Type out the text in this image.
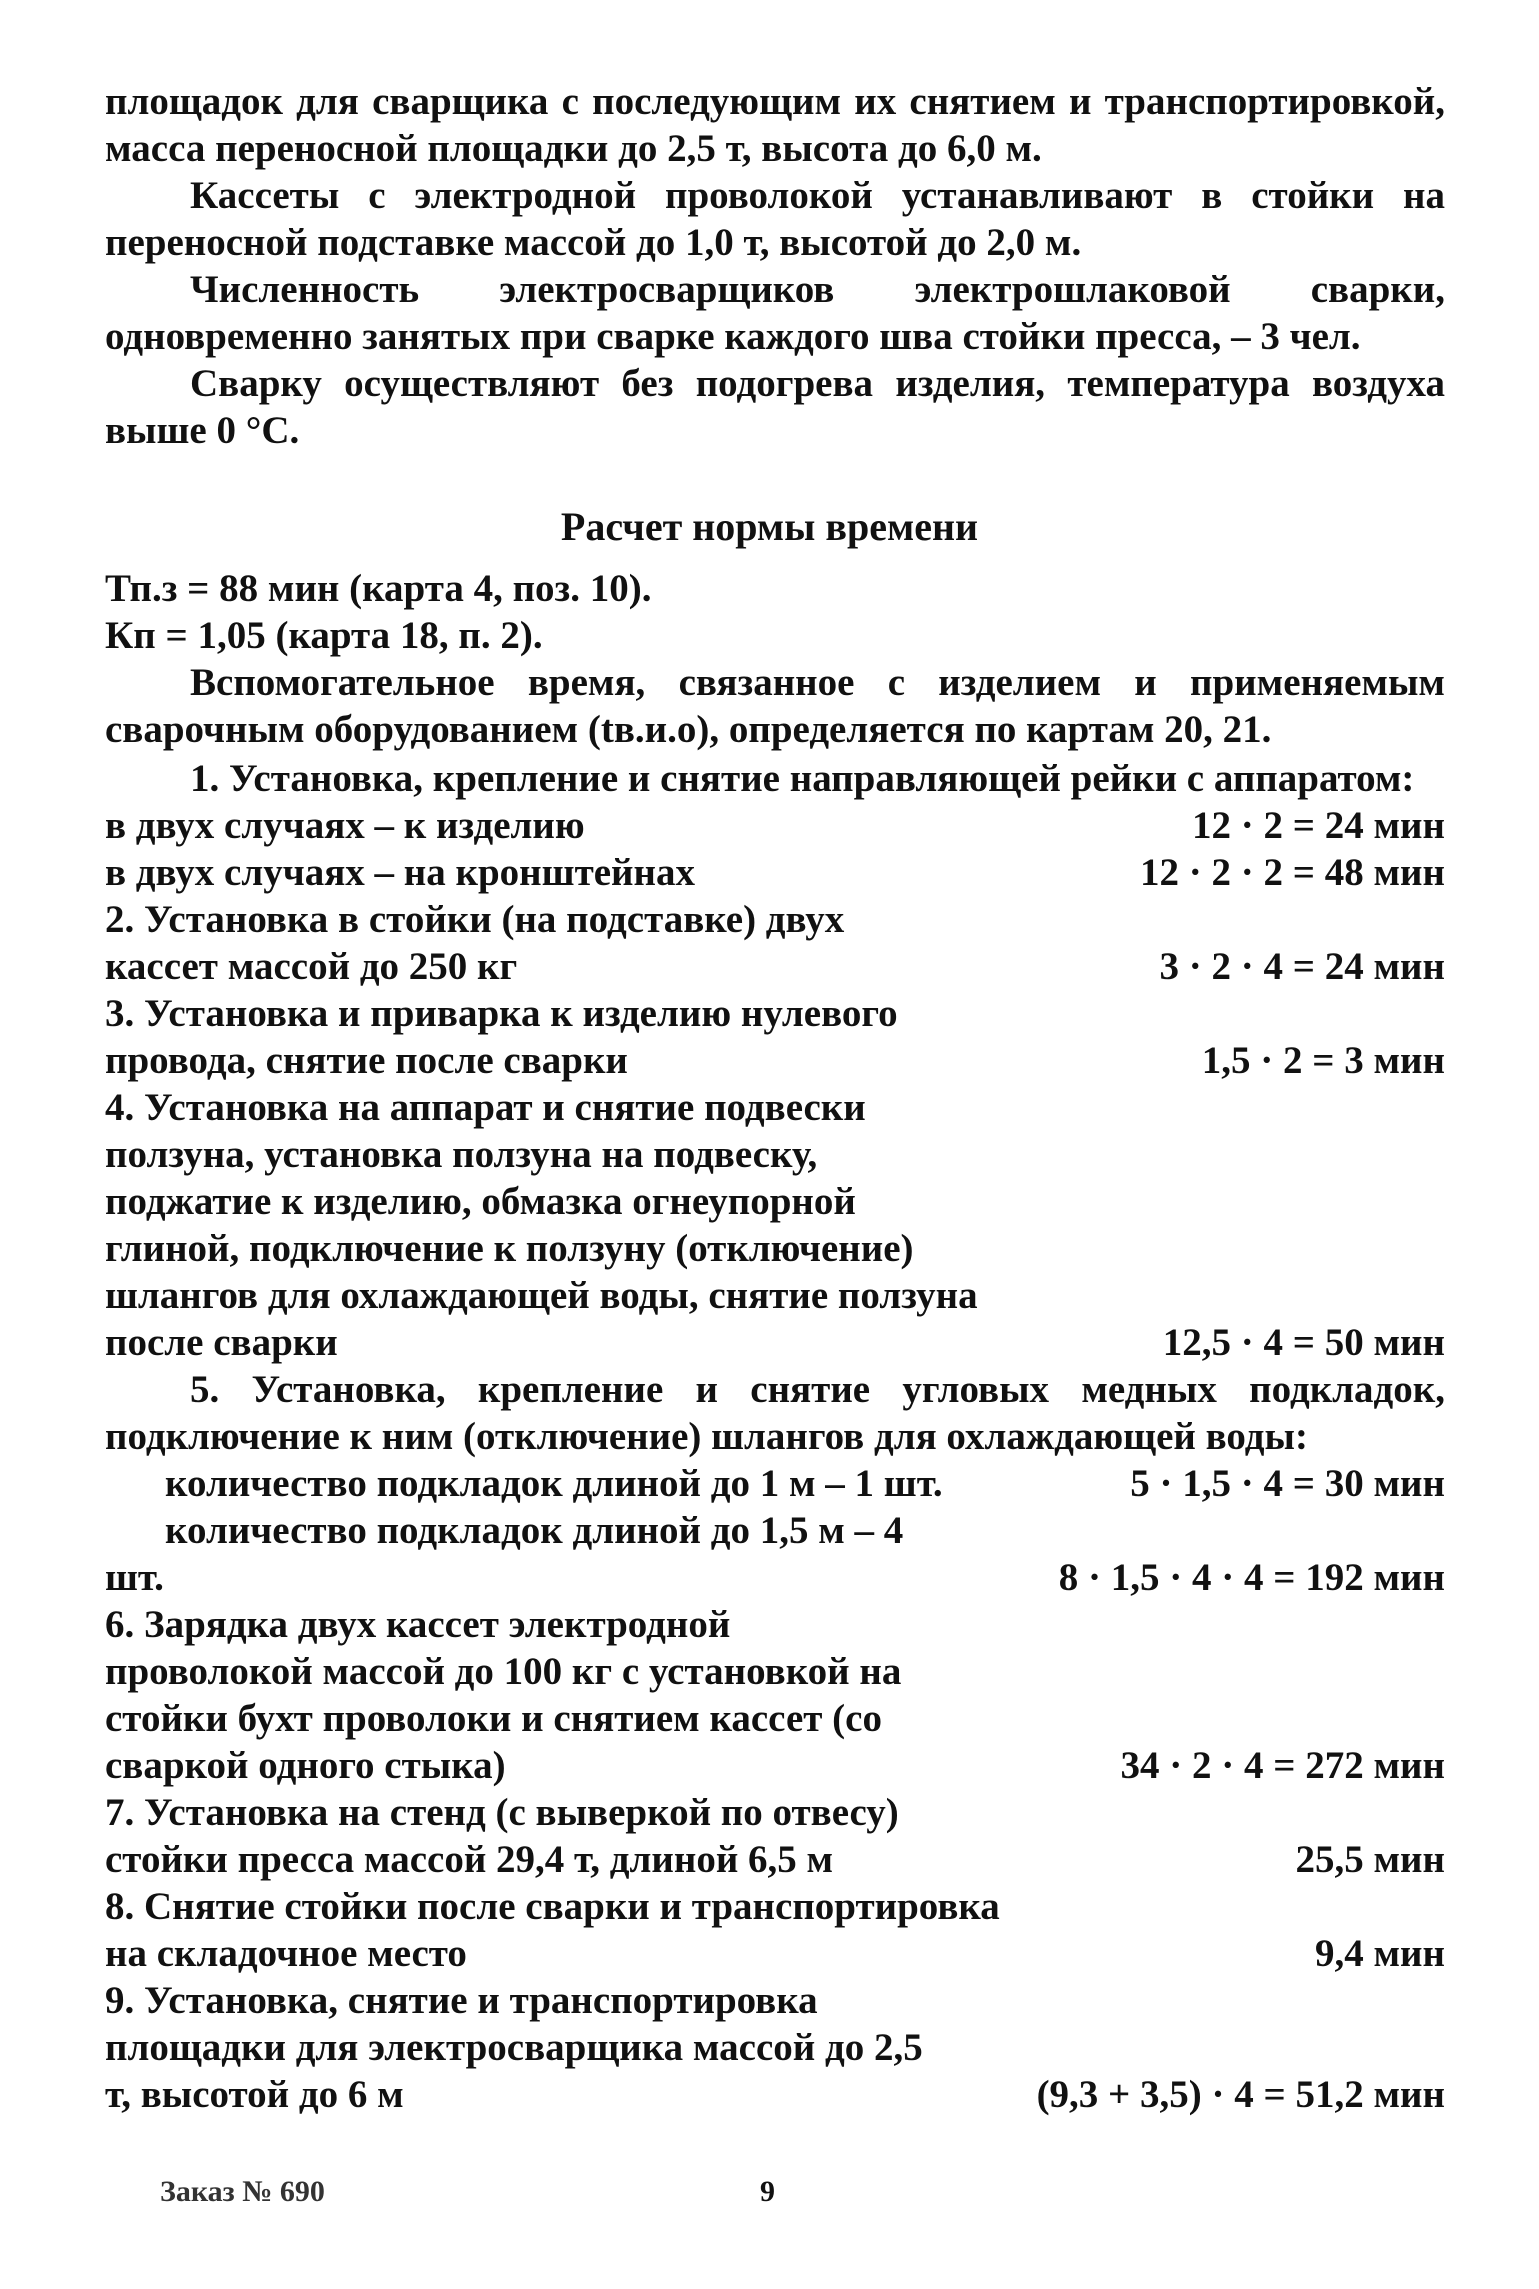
площадок для сварщика с последующим их снятием и транспортировкой, масса переносной площадки до 2,5 т, высота до 6,0 м.
Кассеты с электродной проволокой устанавливают в стойки на переносной подставке массой до 1,0 т, высотой до 2,0 м.
Численность электросварщиков электрошлаковой сварки, одновременно занятых при сварке каждого шва стойки пресса, – 3 чел.
Сварку осуществляют без подогрева изделия, температура воздуха выше 0 °С.
Расчет нормы времени
Тп.з = 88 мин (карта 4, поз. 10).
Кп = 1,05 (карта 18, п. 2).
Вспомогательное время, связанное с изделием и применяемым сварочным оборудованием (tв.и.о), определяется по картам 20, 21.
1. Установка, крепление и снятие направляющей рейки с аппаратом:
в двух случаях – к изделию	12 · 2 = 24 мин
в двух случаях – на кронштейнах	12 · 2 · 2 = 48 мин
2. Установка в стойки (на подставке) двух кассет массой до 250 кг	3 · 2 · 4 = 24 мин
3. Установка и приварка к изделию нулевого провода, снятие после сварки	1,5 · 2 = 3 мин
4. Установка на аппарат и снятие подвески ползуна, установка ползуна на подвеску, поджатие к изделию, обмазка огнеупорной глиной, подключение к ползуну (отключение) шлангов для охлаждающей воды, снятие ползуна после сварки	12,5 · 4 = 50 мин
5. Установка, крепление и снятие угловых медных подкладок, подключение к ним (отключение) шлангов для охлаждающей воды:
количество подкладок длиной до 1 м – 1 шт.	5 · 1,5 · 4 = 30 мин
количество подкладок длиной до 1,5 м – 4 шт.	8 · 1,5 · 4 · 4 = 192 мин
6. Зарядка двух кассет электродной проволокой массой до 100 кг с установкой на стойки бухт проволоки и снятием кассет (со сваркой одного стыка)	34 · 2 · 4 = 272 мин
7. Установка на стенд (с выверкой по отвесу) стойки пресса массой 29,4 т, длиной 6,5 м	25,5 мин
8. Снятие стойки после сварки и транспортировка на складочное место	9,4 мин
9. Установка, снятие и транспортировка площадки для электросварщика массой до 2,5 т, высотой до 6 м	(9,3 + 3,5) · 4 = 51,2 мин
Заказ № 690	9
